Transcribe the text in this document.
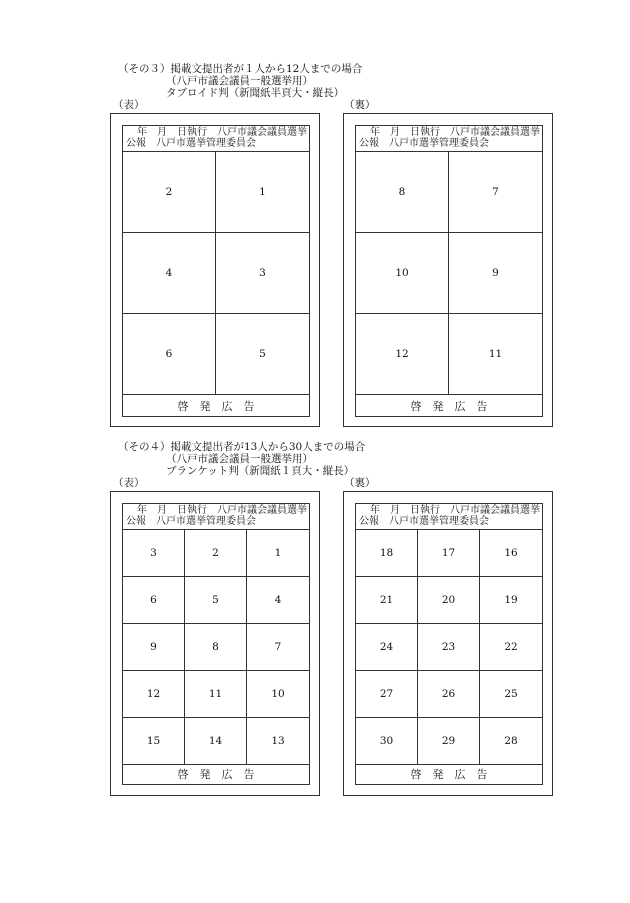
（その３）掲載文提出者が１人から12人までの場合
（八戸市議会議員一般選挙用）
タブロイド判（新聞紙半頁大・縦長）
（表）	（裏）
年　月　日執行　八戸市議会議員選挙
公報　八戸市選挙管理委員会
2	1
4	3
6	5
啓発広告
年　月　日執行　八戸市議会議員選挙
公報　八戸市選挙管理委員会
8	7
10	9
12	11
啓発広告
（その４）掲載文提出者が13人から30人までの場合
（八戸市議会議員一般選挙用）
ブランケット判（新聞紙１頁大・縦長）
（表）	（裏）
年　月　日執行　八戸市議会議員選挙
公報　八戸市選挙管理委員会
3	2	1
6	5	4
9	8	7
12	11	10
15	14	13
啓発広告
年　月　日執行　八戸市議会議員選挙
公報　八戸市選挙管理委員会
18	17	16
21	20	19
24	23	22
27	26	25
30	29	28
啓発広告
